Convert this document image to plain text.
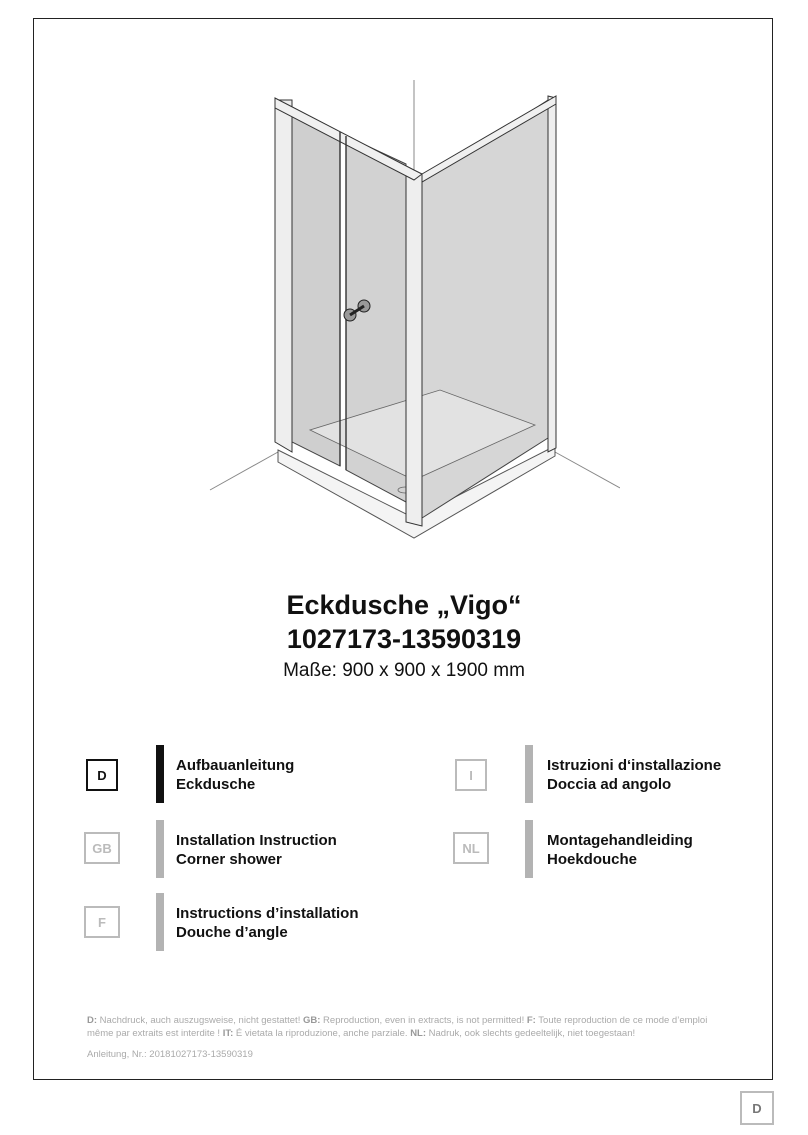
Eckdusche „Vigo“
1027173-13590319
Maße: 900 x 900 x 1900 mm
D
Aufbauanleitung
Eckdusche
I
Istruzioni d‘installazione
Doccia ad angolo
GB	Installation Instruction
Corner shower
NL	Montagehandleiding
Hoekdouche
F	Instructions d’installation
Douche d’angle
D: Nachdruck, auch auszugsweise, nicht gestattet! GB: Reproduction, even in extracts, is not permitted! F: Toute reproduction de ce mode d’emploi même par extraits est interdite ! IT: É vietata la riproduzione, anche parziale. NL: Nadruk, ook slechts gedeeltelijk, niet toegestaan!
Anleitung, Nr.: 20181027173-13590319
D
